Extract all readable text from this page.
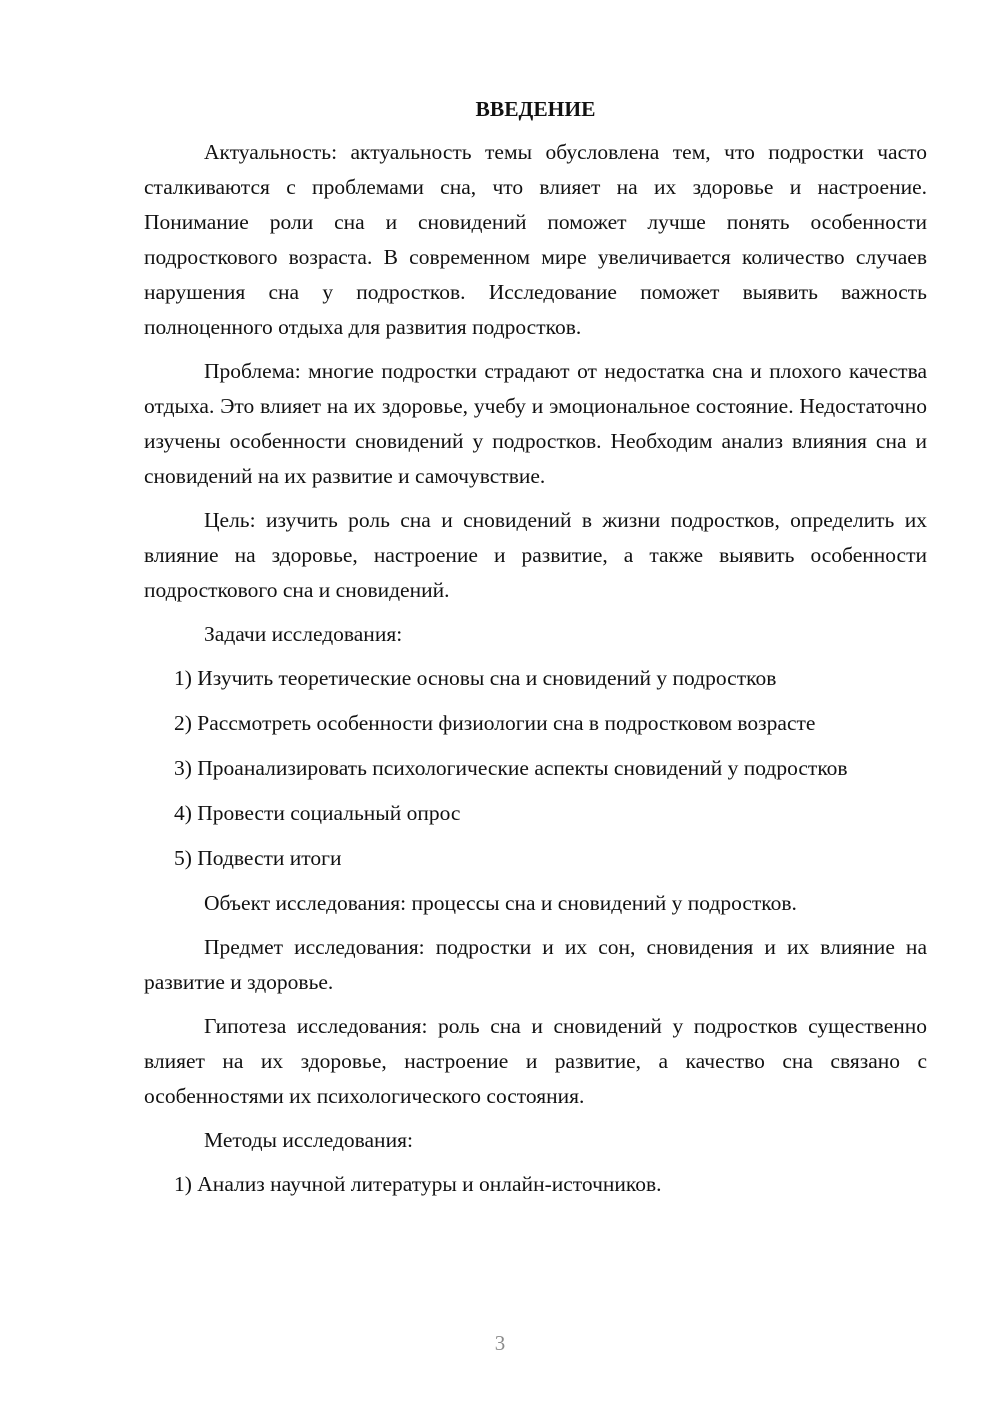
ВВЕДЕНИЕ

Актуальность: актуальность темы обусловлена тем, что подростки часто сталкиваются с проблемами сна, что влияет на их здоровье и настроение. Понимание роли сна и сновидений поможет лучше понять особенности подросткового возраста. В современном мире увеличивается количество случаев нарушения сна у подростков. Исследование поможет выявить важность полноценного отдыха для развития подростков.

Проблема: многие подростки страдают от недостатка сна и плохого качества отдыха. Это влияет на их здоровье, учебу и эмоциональное состояние. Недостаточно изучены особенности сновидений у подростков. Необходим анализ влияния сна и сновидений на их развитие и самочувствие.

Цель: изучить роль сна и сновидений в жизни подростков, определить их влияние на здоровье, настроение и развитие, а также выявить особенности подросткового сна и сновидений.

Задачи исследования:

1) Изучить теоретические основы сна и сновидений у подростков

2) Рассмотреть особенности физиологии сна в подростковом возрасте

3) Проанализировать психологические аспекты сновидений у подростков

4) Провести социальный опрос

5) Подвести итоги

Объект исследования: процессы сна и сновидений у подростков.

Предмет исследования: подростки и их сон, сновидения и их влияние на развитие и здоровье.

Гипотеза исследования: роль сна и сновидений у подростков существенно влияет на их здоровье, настроение и развитие, а качество сна связано с особенностями их психологического состояния.

Методы исследования:

1) Анализ научной литературы и онлайн-источников.

3
